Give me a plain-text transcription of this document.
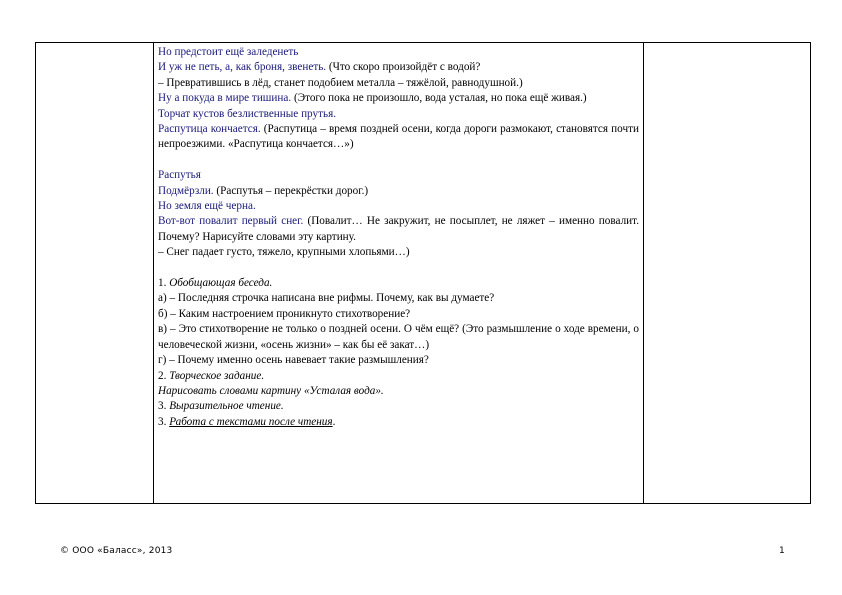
Но предстоит ещё заледенеть
И уж не петь, а, как броня, звенеть. (Что скоро произойдёт с водой?
– Превратившись в лёд, станет подобием металла – тяжёлой, равнодушной.)
Ну а покуда в мире тишина. (Этого пока не произошло, вода усталая, но пока ещё живая.)
Торчат кустов безлиственные прутья.
Распутица кончается. (Распутица – время поздней осени, когда дороги размокают, становятся почти непроезжими. «Распутица кончается…»)
Распутья
Подмёрзли. (Распутья – перекрёстки дорог.)
Но земля ещё черна.
Вот-вот повалит первый снег. (Повалит… Не закружит, не посыплет, не ляжет – именно повалит. Почему? Нарисуйте словами эту картину.
– Снег падает густо, тяжело, крупными хлопьями…)
1. Обобщающая беседа.
а) – Последняя строчка написана вне рифмы. Почему, как вы думаете?
б) – Каким настроением проникнуто стихотворение?
в) – Это стихотворение не только о поздней осени. О чём ещё? (Это размышление о ходе времени, о человеческой жизни, «осень жизни» – как бы её закат…)
г) – Почему именно осень навевает такие размышления?
2. Творческое задание.
Нарисовать словами картину «Усталая вода».
3. Выразительное чтение.
3. Работа с текстами после чтения.

© ООО «Баласс», 2013	1
